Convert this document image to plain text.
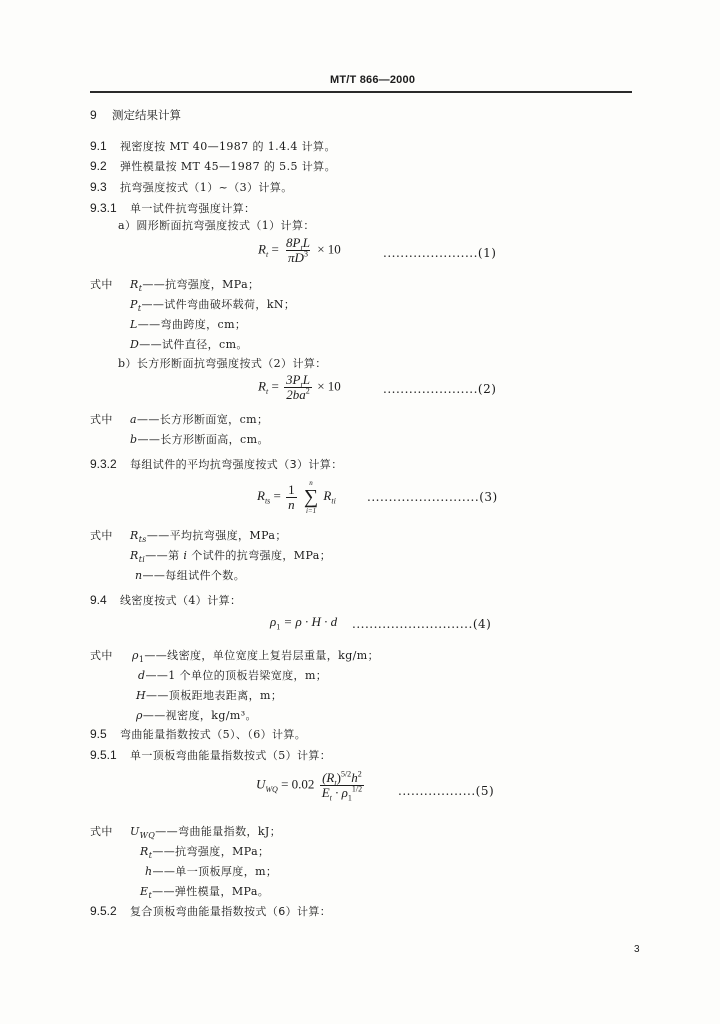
MT/T 866—2000
9 测定结果计算
9.1 视密度按 MT 40—1987 的 1.4.4 计算。
9.2 弹性模量按 MT 45—1987 的 5.5 计算。
9.3 抗弯强度按式（1）~（3）计算。
9.3.1 单一试件抗弯强度计算：
a）圆形断面抗弯强度按式（1）计算：
$R_t = \frac{8P_tL}{\pi D^3} \times 10$	......................(1)
式中 $R_t——$抗弯强度，MPa；
$P_t——$试件弯曲破坏载荷，kN；
L——弯曲跨度，cm；
D——试件直径，cm。
b）长方形断面抗弯强度按式（2）计算：
$R_t = \frac{3P_tL}{2ba^2} \times 10$	......................(2)
式中 a——长方形断面宽，cm；
b——长方形断面高，cm。
9.3.2 每组试件的平均抗弯强度按式（3）计算：
$R_{ts} = \frac{1}{n}$
n
∑
i=1
$R_{ti}$	..........................(3)
式中 $R_{ts}——$平均抗弯强度，MPa；
$R_{ti}——$第 i 个试件的抗弯强度，MPa；
n——每组试件个数。
9.4 线密度按式（4）计算：
$\rho_1 = \rho \cdot H \cdot d$ ............................(4)
式中 $\rho_1——$线密度，单位宽度上复岩层重量，kg/m；
d——1 个单位的顶板岩梁宽度，m；
H——顶板距地表距离，m；
ρ——视密度，kg/m³。
9.5 弯曲能量指数按式（5）、（6）计算。
9.5.1 单一顶板弯曲能量指数按式（5）计算：
$U_{WQ} = 0.02 \frac{(R_t)^{5/2}h^2}{E_t \cdot \rho_1^{1/2}}$	..................(5)
式中 $U_{WQ}——$弯曲能量指数，kJ；
$R_t——$抗弯强度，MPa；
h——单一顶板厚度，m；
$E_t——$弹性模量，MPa。
9.5.2 复合顶板弯曲能量指数按式（6）计算：
3
